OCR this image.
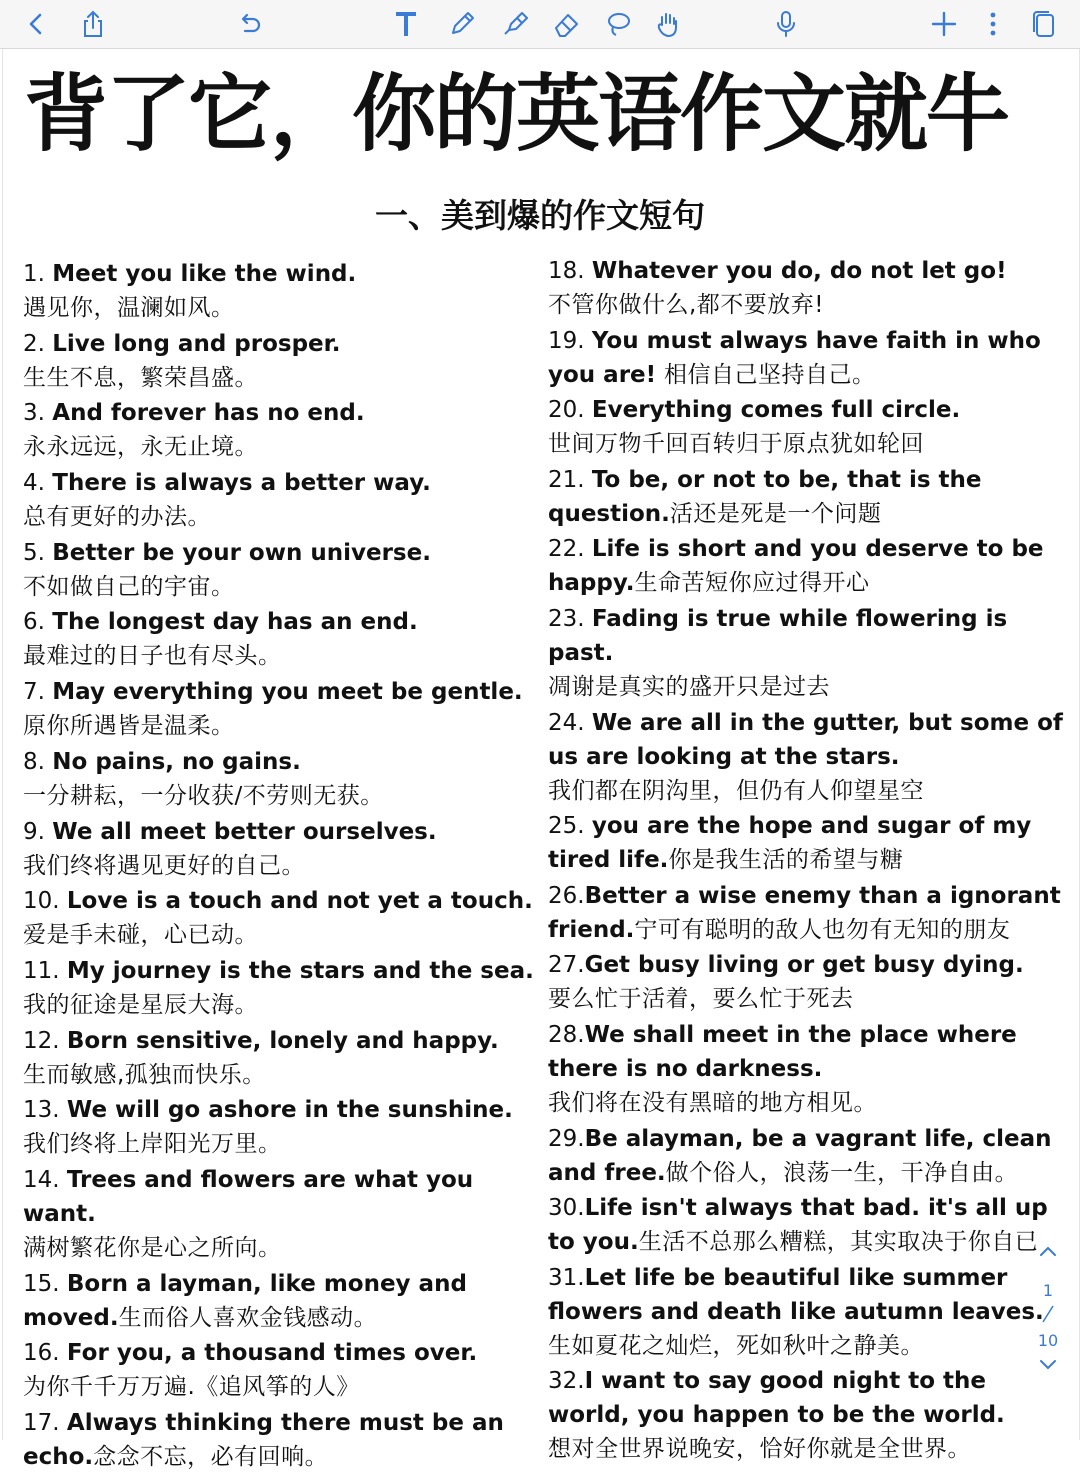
背了它，你的英语作文就牛
一、美到爆的作文短句
1. Meet you like the wind.
遇见你，温澜如风。
2. Live long and prosper.
生生不息，繁荣昌盛。
3. And forever has no end.
永永远远，永无止境。
4. There is always a better way.
总有更好的办法。
5. Better be your own universe.
不如做自己的宇宙。
6. The longest day has an end.
最难过的日子也有尽头。
7. May everything you meet be gentle.
原你所遇皆是温柔。
8. No pains, no gains.
一分耕耘，一分收获/不劳则无获。
9. We all meet better ourselves.
我们终将遇见更好的自己。
10. Love is a touch and not yet a touch.
爱是手未碰，心已动。
11. My journey is the stars and the sea.
我的征途是星辰大海。
12. Born sensitive, lonely and happy.
生而敏感,孤独而快乐。
13. We will go ashore in the sunshine.
我们终将上岸阳光万里。
14. Trees and flowers are what you want.
满树繁花你是心之所向。
15. Born a layman, like money and moved.生而俗人喜欢金钱感动。
16. For you, a thousand times over.
为你千千万万遍.《追风筝的人》
17. Always thinking there must be an echo.念念不忘，必有回响。
18. Whatever you do, do not let go!
不管你做什么,都不要放弃!
19. You must always have faith in who you are! 相信自己坚持自己。
20. Everything comes full circle.
世间万物千回百转归于原点犹如轮回
21. To be, or not to be, that is the question.活还是死是一个问题
22. Life is short and you deserve to be happy.生命苦短你应过得开心
23. Fading is true while flowering is past.
凋谢是真实的盛开只是过去
24. We are all in the gutter, but some of us are looking at the stars.
我们都在阴沟里，但仍有人仰望星空
25. you are the hope and sugar of my tired life.你是我生活的希望与糖
26.Better a wise enemy than a ignorant friend.宁可有聪明的敌人也勿有无知的朋友
27.Get busy living or get busy dying.
要么忙于活着，要么忙于死去
28.We shall meet in the place where there is no darkness.
我们将在没有黑暗的地方相见。
29.Be alayman, be a vagrant life, clean and free.做个俗人，浪荡一生，干净自由。
30.Life isn't always that bad. it's all up to you.生活不总那么糟糕，其实取决于你自已
31.Let life be beautiful like summer flowers and death like autumn leaves.
生如夏花之灿烂，死如秋叶之静美。
32.I want to say good night to the world, you happen to be the world.
想对全世界说晚安，恰好你就是全世界。
1
10
